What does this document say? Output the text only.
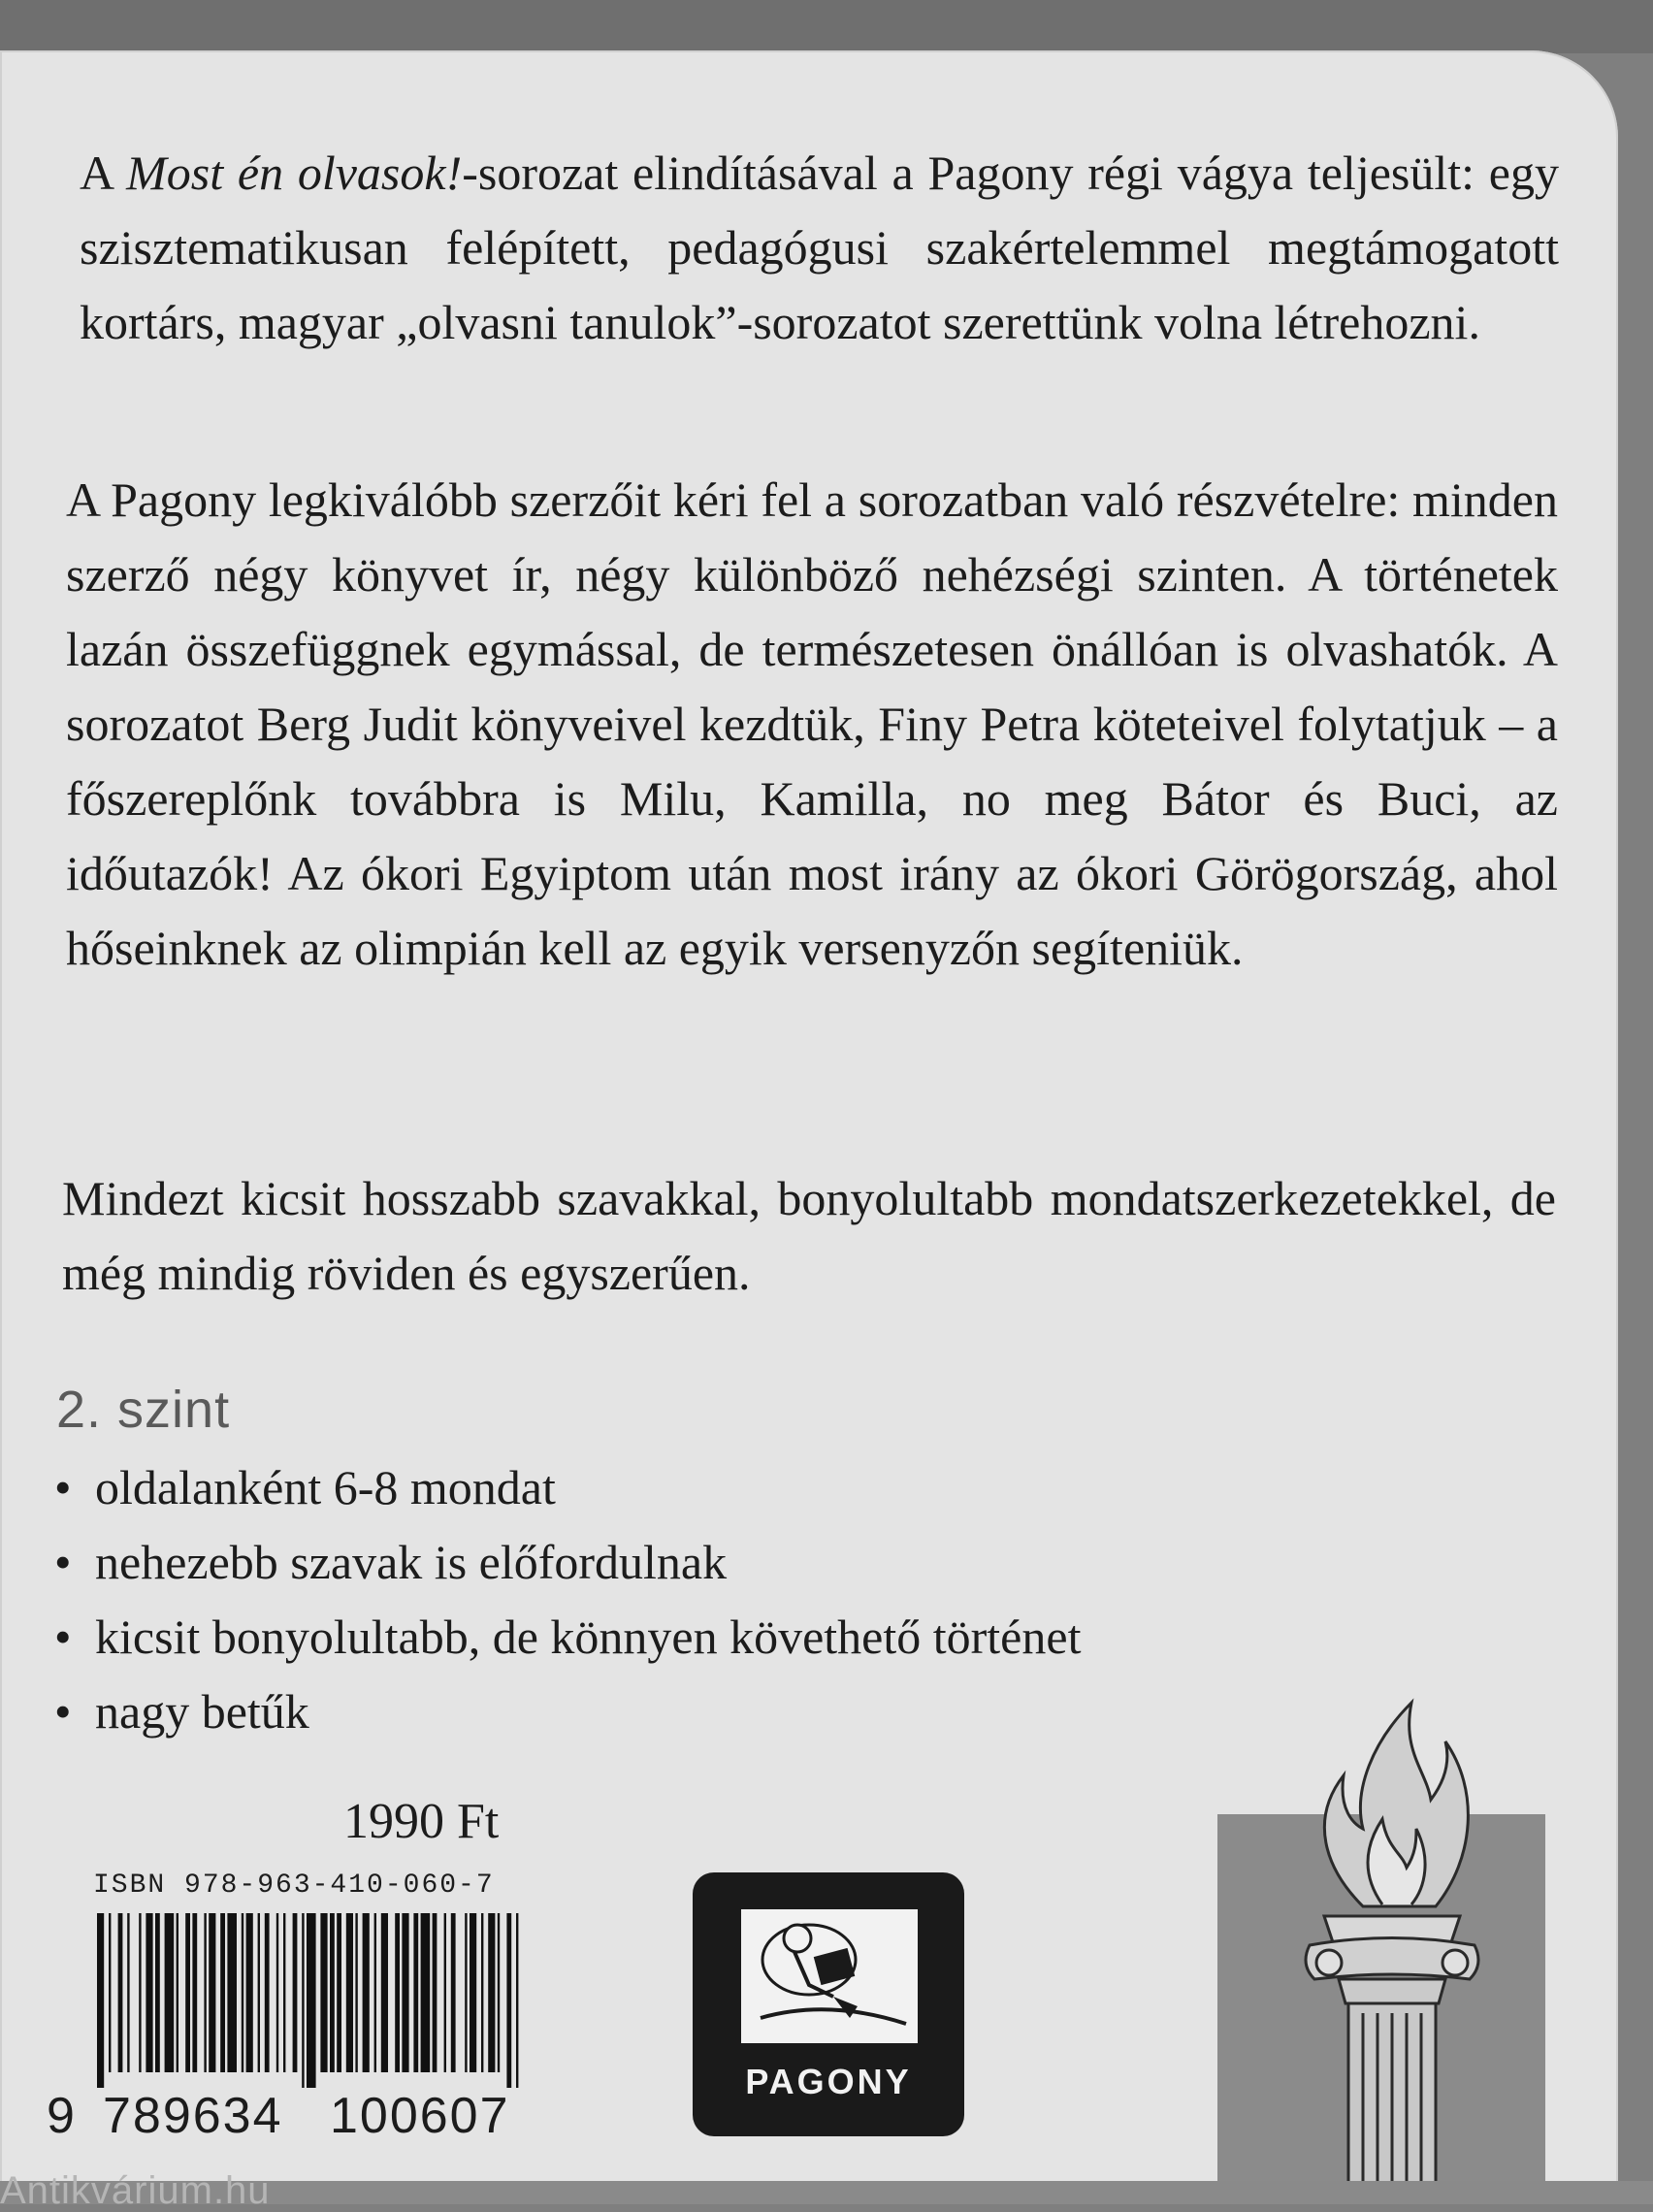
A Most én olvasok!-sorozat elindításával a Pagony régi vágya teljesült: egy szisztematikusan felépített, pedagógusi szakértelemmel megtámogatott kortárs, magyar „olvasni tanulok”-sorozatot szerettünk volna létrehozni.

A Pagony legkiválóbb szerzőit kéri fel a sorozatban való részvételre: minden szerző négy könyvet ír, négy különböző nehézségi szinten. A történetek lazán összefüggnek egymással, de természetesen önállóan is olvashatók. A sorozatot Berg Judit könyveivel kezdtük, Finy Petra köteteivel folytatjuk – a főszereplőnk továbbra is Milu, Kamilla, no meg Bátor és Buci, az időutazók! Az ókori Egyiptom után most irány az ókori Görögország, ahol hőseinknek az olimpián kell az egyik versenyzőn segíteniük.

Mindezt kicsit hosszabb szavakkal, bonyolultabb mondatszerkezetekkel, de még mindig röviden és egyszerűen.

2. szint
• oldalanként 6-8 mondat
• nehezebb szavak is előfordulnak
• kicsit bonyolultabb, de könnyen követhető történet
• nagy betűk
1990 Ft
ISBN 978-963-410-060-7
9 789634 100607
PAGONY
Antikvárium.hu
